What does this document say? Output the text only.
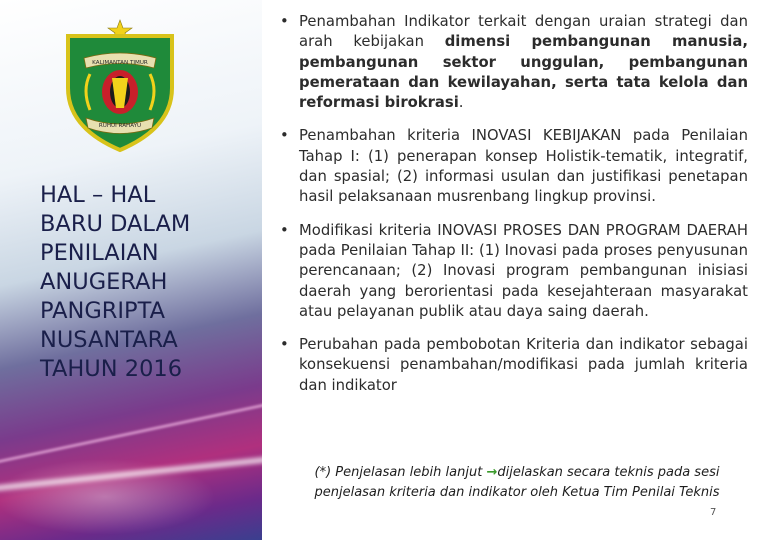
KALIMANTAN TIMUR
RUHUI RAHAYU
HAL – HAL
BARU DALAM
PENILAIAN
ANUGERAH
PANGRIPTA
NUSANTARA
TAHUN 2016
• Penambahan Indikator terkait dengan uraian strategi dan arah kebijakan dimensi pembangunan manusia, pembangunan sektor unggulan, pembangunan pemerataan dan kewilayahan, serta tata kelola dan reformasi birokrasi.
• Penambahan kriteria INOVASI KEBIJAKAN pada Penilaian Tahap I: (1) penerapan konsep Holistik-tematik, integratif, dan spasial; (2) informasi usulan dan justifikasi penetapan hasil pelaksanaan musrenbang lingkup provinsi.
• Modifikasi kriteria INOVASI PROSES DAN PROGRAM DAERAH pada Penilaian Tahap II: (1) Inovasi pada proses penyusunan perencanaan; (2) Inovasi program pembangunan inisiasi daerah yang berorientasi pada kesejahteraan masyarakat atau pelayanan publik atau daya saing daerah.
• Perubahan pada pembobotan Kriteria dan indikator sebagai konsekuensi penambahan/modifikasi pada jumlah kriteria dan indikator
(*) Penjelasan lebih lanjut →dijelaskan secara teknis pada sesi penjelasan kriteria dan indikator oleh Ketua Tim Penilai Teknis
7
